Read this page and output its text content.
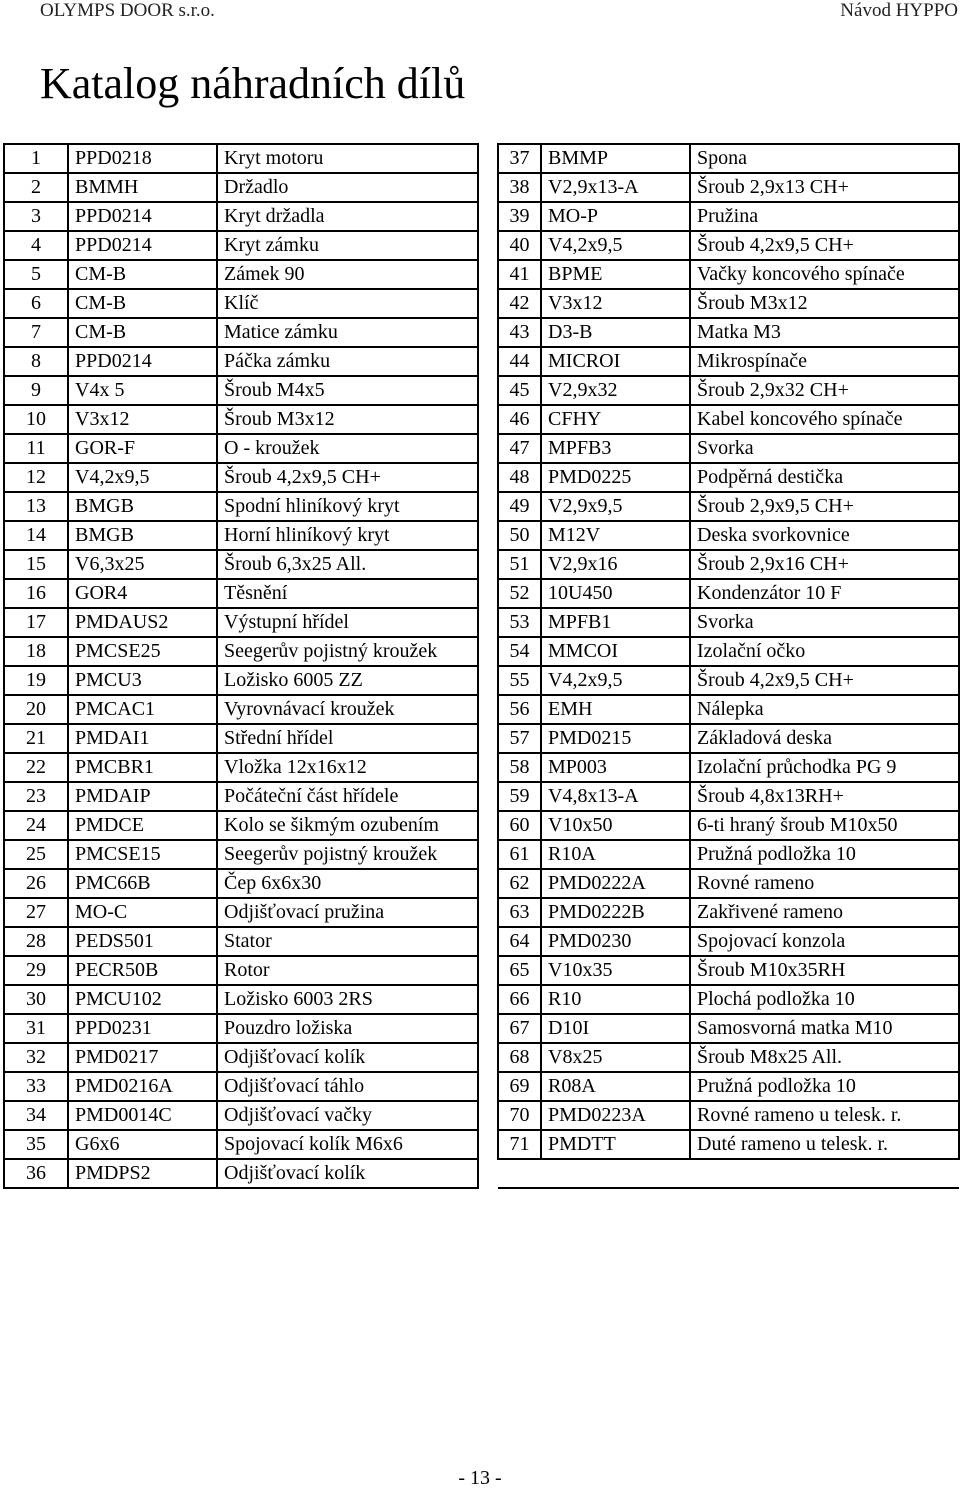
OLYMPS DOOR s.r.o.	Návod HYPPO
Katalog náhradních dílů
1	PPD0218	Kryt motoru
2	BMMH	Držadlo
3	PPD0214	Kryt držadla
4	PPD0214	Kryt zámku
5	CM-B	Zámek 90
6	CM-B	Klíč
7	CM-B	Matice zámku
8	PPD0214	Páčka zámku
9	V4x 5	Šroub M4x5
10	V3x12	Šroub M3x12
11	GOR-F	O - kroužek
12	V4,2x9,5	Šroub 4,2x9,5 CH+
13	BMGB	Spodní hliníkový kryt
14	BMGB	Horní hliníkový kryt
15	V6,3x25	Šroub 6,3x25 All.
16	GOR4	Těsnění
17	PMDAUS2	Výstupní hřídel
18	PMCSE25	Seegerův pojistný kroužek
19	PMCU3	Ložisko 6005 ZZ
20	PMCAC1	Vyrovnávací kroužek
21	PMDAI1	Střední hřídel
22	PMCBR1	Vložka 12x16x12
23	PMDAIP	Počáteční část hřídele
24	PMDCE	Kolo se šikmým ozubením
25	PMCSE15	Seegerův pojistný kroužek
26	PMC66B	Čep 6x6x30
27	MO-C	Odjišťovací pružina
28	PEDS501	Stator
29	PECR50B	Rotor
30	PMCU102	Ložisko 6003 2RS
31	PPD0231	Pouzdro ložiska
32	PMD0217	Odjišťovací kolík
33	PMD0216A	Odjišťovací táhlo
34	PMD0014C	Odjišťovací vačky
35	G6x6	Spojovací kolík M6x6
36	PMDPS2	Odjišťovací kolík
37	BMMP	Spona
38	V2,9x13-A	Šroub 2,9x13 CH+
39	MO-P	Pružina
40	V4,2x9,5	Šroub 4,2x9,5 CH+
41	BPME	Vačky koncového spínače
42	V3x12	Šroub M3x12
43	D3-B	Matka M3
44	MICROI	Mikrospínače
45	V2,9x32	Šroub 2,9x32 CH+
46	CFHY	Kabel koncového spínače
47	MPFB3	Svorka
48	PMD0225	Podpěrná destička
49	V2,9x9,5	Šroub 2,9x9,5 CH+
50	M12V	Deska svorkovnice
51	V2,9x16	Šroub 2,9x16 CH+
52	10U450	Kondenzátor 10 F
53	MPFB1	Svorka
54	MMCOI	Izolační očko
55	V4,2x9,5	Šroub 4,2x9,5 CH+
56	EMH	Nálepka
57	PMD0215	Základová deska
58	MP003	Izolační průchodka PG 9
59	V4,8x13-A	Šroub 4,8x13RH+
60	V10x50	6-ti hraný šroub M10x50
61	R10A	Pružná podložka 10
62	PMD0222A	Rovné rameno
63	PMD0222B	Zakřivené rameno
64	PMD0230	Spojovací konzola
65	V10x35	Šroub M10x35RH
66	R10	Plochá podložka 10
67	D10I	Samosvorná matka M10
68	V8x25	Šroub M8x25 All.
69	R08A	Pružná podložka 10
70	PMD0223A	Rovné rameno u telesk. r.
71	PMDTT	Duté rameno u telesk. r.

- 13 -
